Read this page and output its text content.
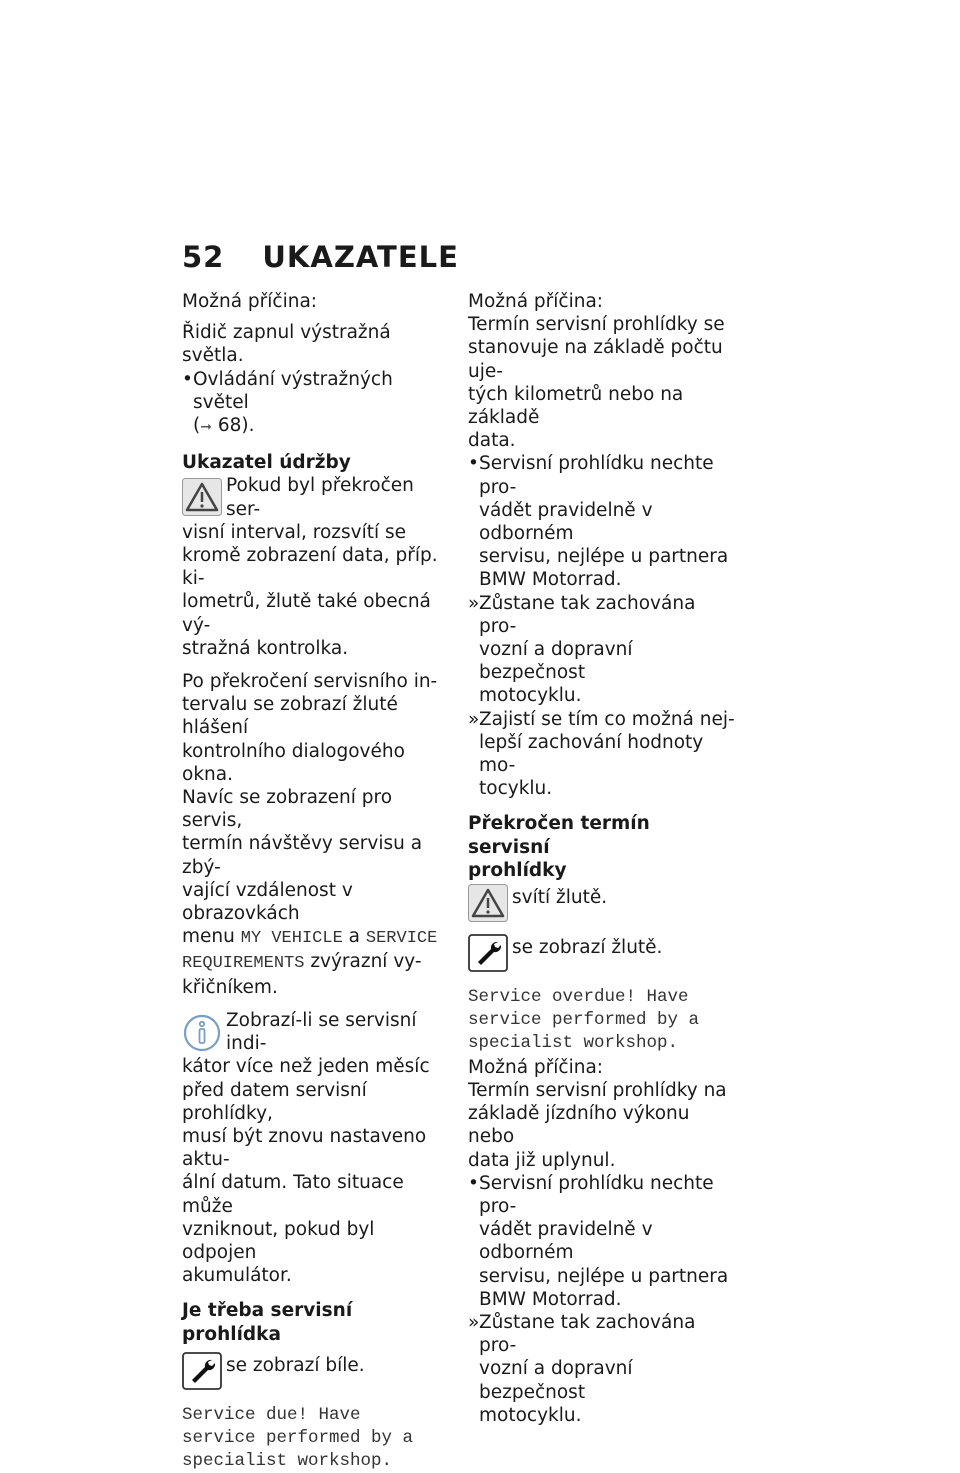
52 UKAZATELE

Možná příčina:

Řidič zapnul výstražná světla.

• Ovládání výstražných světel
(➞ 68).

Ukazatel údržby

Pokud byl překročen ser-
visní interval, rozsvítí se

kromě zobrazení data, příp. ki-
lometrů, žlutě také obecná vý-
stražná kontrolka.
Po překročení servisního in-
tervalu se zobrazí žluté hlášení
kontrolního dialogového okna.
Navíc se zobrazení pro servis,
termín návštěvy servisu a zbý-
vající vzdálenost v obrazovkách
menu MY VEHICLE a SERVICE
REQUIREMENTS zvýrazní vy-
křičníkem.
Zobrazí-li se servisní indi-
kátor více než jeden měsíc

před datem servisní prohlídky,
musí být znovu nastaveno aktu-
ální datum. Tato situace může
vzniknout, pokud byl odpojen
akumulátor.

Je třeba servisní prohlídka

se zobrazí bíle.
Service due! Have
service performed by a
specialist workshop.

Možná příčina:

Termín servisní prohlídky se
stanovuje na základě počtu uje-
tých kilometrů nebo na základě
data.
• Servisní prohlídku nechte pro-
vádět pravidelně v odborném
servisu, nejlépe u partnera
BMW Motorrad.
» Zůstane tak zachována pro-
vozní a dopravní bezpečnost
motocyklu.
» Zajistí se tím co možná nej-
lepší zachování hodnoty mo-
tocyklu.
Překročen termín servisní
prohlídky
svítí žlutě.
se zobrazí žlutě.
Service overdue! Have
service performed by a
specialist workshop.

Možná příčina:

Termín servisní prohlídky na
základě jízdního výkonu nebo
data již uplynul.
• Servisní prohlídku nechte pro-
vádět pravidelně v odborném
servisu, nejlépe u partnera
BMW Motorrad.
» Zůstane tak zachována pro-
vozní a dopravní bezpečnost
motocyklu.
